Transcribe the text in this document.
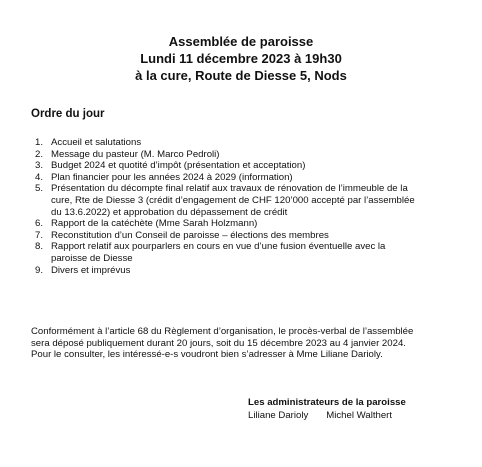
Assemblée de paroisse
Lundi 11 décembre 2023 à 19h30
à la cure, Route de Diesse 5, Nods
Ordre du jour
1. Accueil et salutations
2. Message du pasteur (M. Marco Pedroli)
3. Budget 2024 et quotité d’impôt (présentation et acceptation)
4. Plan financier pour les années 2024 à 2029 (information)
5. Présentation du décompte final relatif aux travaux de rénovation de l’immeuble de la
cure, Rte de Diesse 3 (crédit d’engagement de CHF 120’000 accepté par l’assemblée
du 13.6.2022) et approbation du dépassement de crédit
6. Rapport de la catéchète (Mme Sarah Holzmann)
7. Reconstitution d’un Conseil de paroisse – élections des membres
8. Rapport relatif aux pourparlers en cours en vue d’une fusion éventuelle avec la
paroisse de Diesse
9. Divers et imprévus

Conformément à l’article 68 du Règlement d’organisation, le procès-verbal de l’assemblée
sera déposé publiquement durant 20 jours, soit du 15 décembre 2023 au 4 janvier 2024.
Pour le consulter, les intéressé-e-s voudront bien s’adresser à Mme Liliane Darioly.

Les administrateurs de la paroisse
Liliane Darioly Michel Walthert
